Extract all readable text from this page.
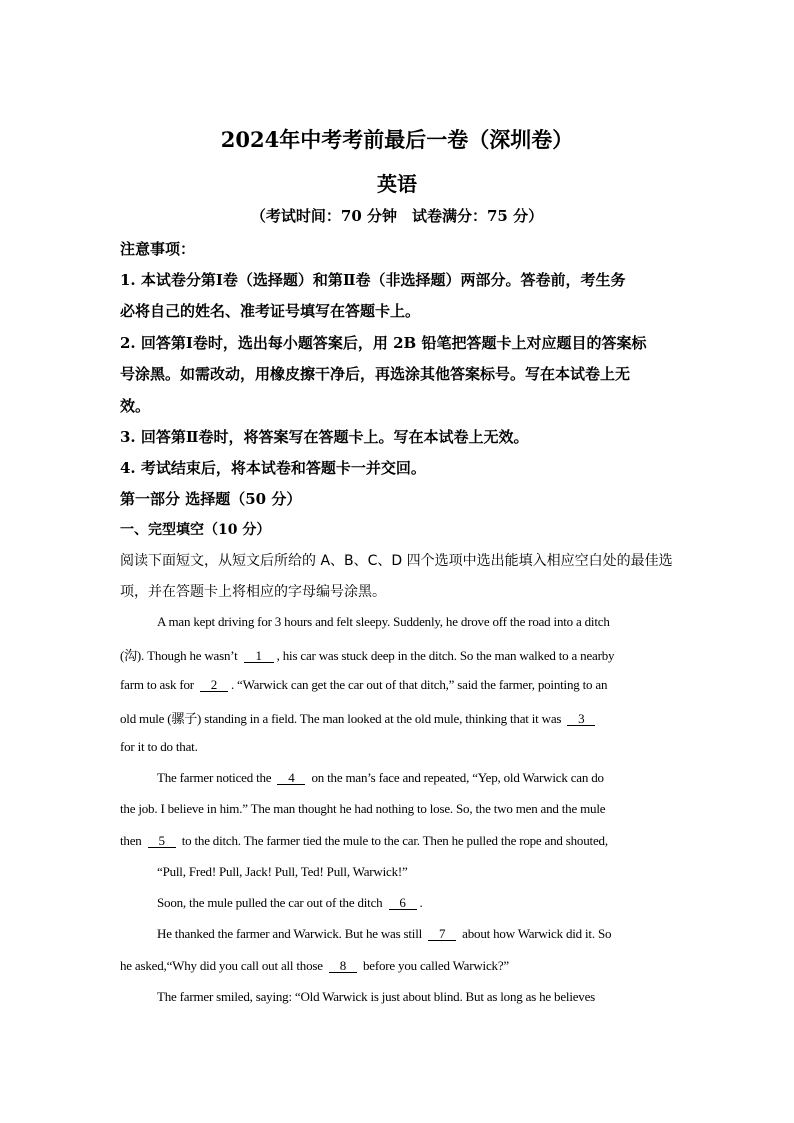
2024年中考考前最后一卷（深圳卷）
英语
（考试时间：70 分钟　试卷满分：75 分）
注意事项：
1. 本试卷分第Ⅰ卷（选择题）和第Ⅱ卷（非选择题）两部分。答卷前，考生务
必将自己的姓名、准考证号填写在答题卡上。
2. 回答第Ⅰ卷时，选出每小题答案后，用 2B 铅笔把答题卡上对应题目的答案标
号涂黑。如需改动，用橡皮擦干净后，再选涂其他答案标号。写在本试卷上无
效。
3. 回答第Ⅱ卷时，将答案写在答题卡上。写在本试卷上无效。
4. 考试结束后，将本试卷和答题卡一并交回。
第一部分 选择题（50 分）
一、完型填空（10 分）
阅读下面短文，从短文后所给的 A、B、C、D 四个选项中选出能填入相应空白处的最佳选
项，并在答题卡上将相应的字母编号涂黑。
A man kept driving for 3 hours and felt sleepy. Suddenly, he drove off the road into a ditch
(沟). Though he wasn’t 1 , his car was stuck deep in the ditch. So the man walked to a nearby
farm to ask for 2 . “Warwick can get the car out of that ditch,” said the farmer, pointing to an
old mule (骡子) standing in a field. The man looked at the old mule, thinking that it was 3
for it to do that.
The farmer noticed the 4 on the man’s face and repeated, “Yep, old Warwick can do
the job. I believe in him.” The man thought he had nothing to lose. So, the two men and the mule
then 5 to the ditch. The farmer tied the mule to the car. Then he pulled the rope and shouted,
“Pull, Fred! Pull, Jack! Pull, Ted! Pull, Warwick!”
Soon, the mule pulled the car out of the ditch 6 .
He thanked the farmer and Warwick. But he was still 7 about how Warwick did it. So
he asked,“Why did you call out all those 8 before you called Warwick?”
The farmer smiled, saying: “Old Warwick is just about blind. But as long as he believes
